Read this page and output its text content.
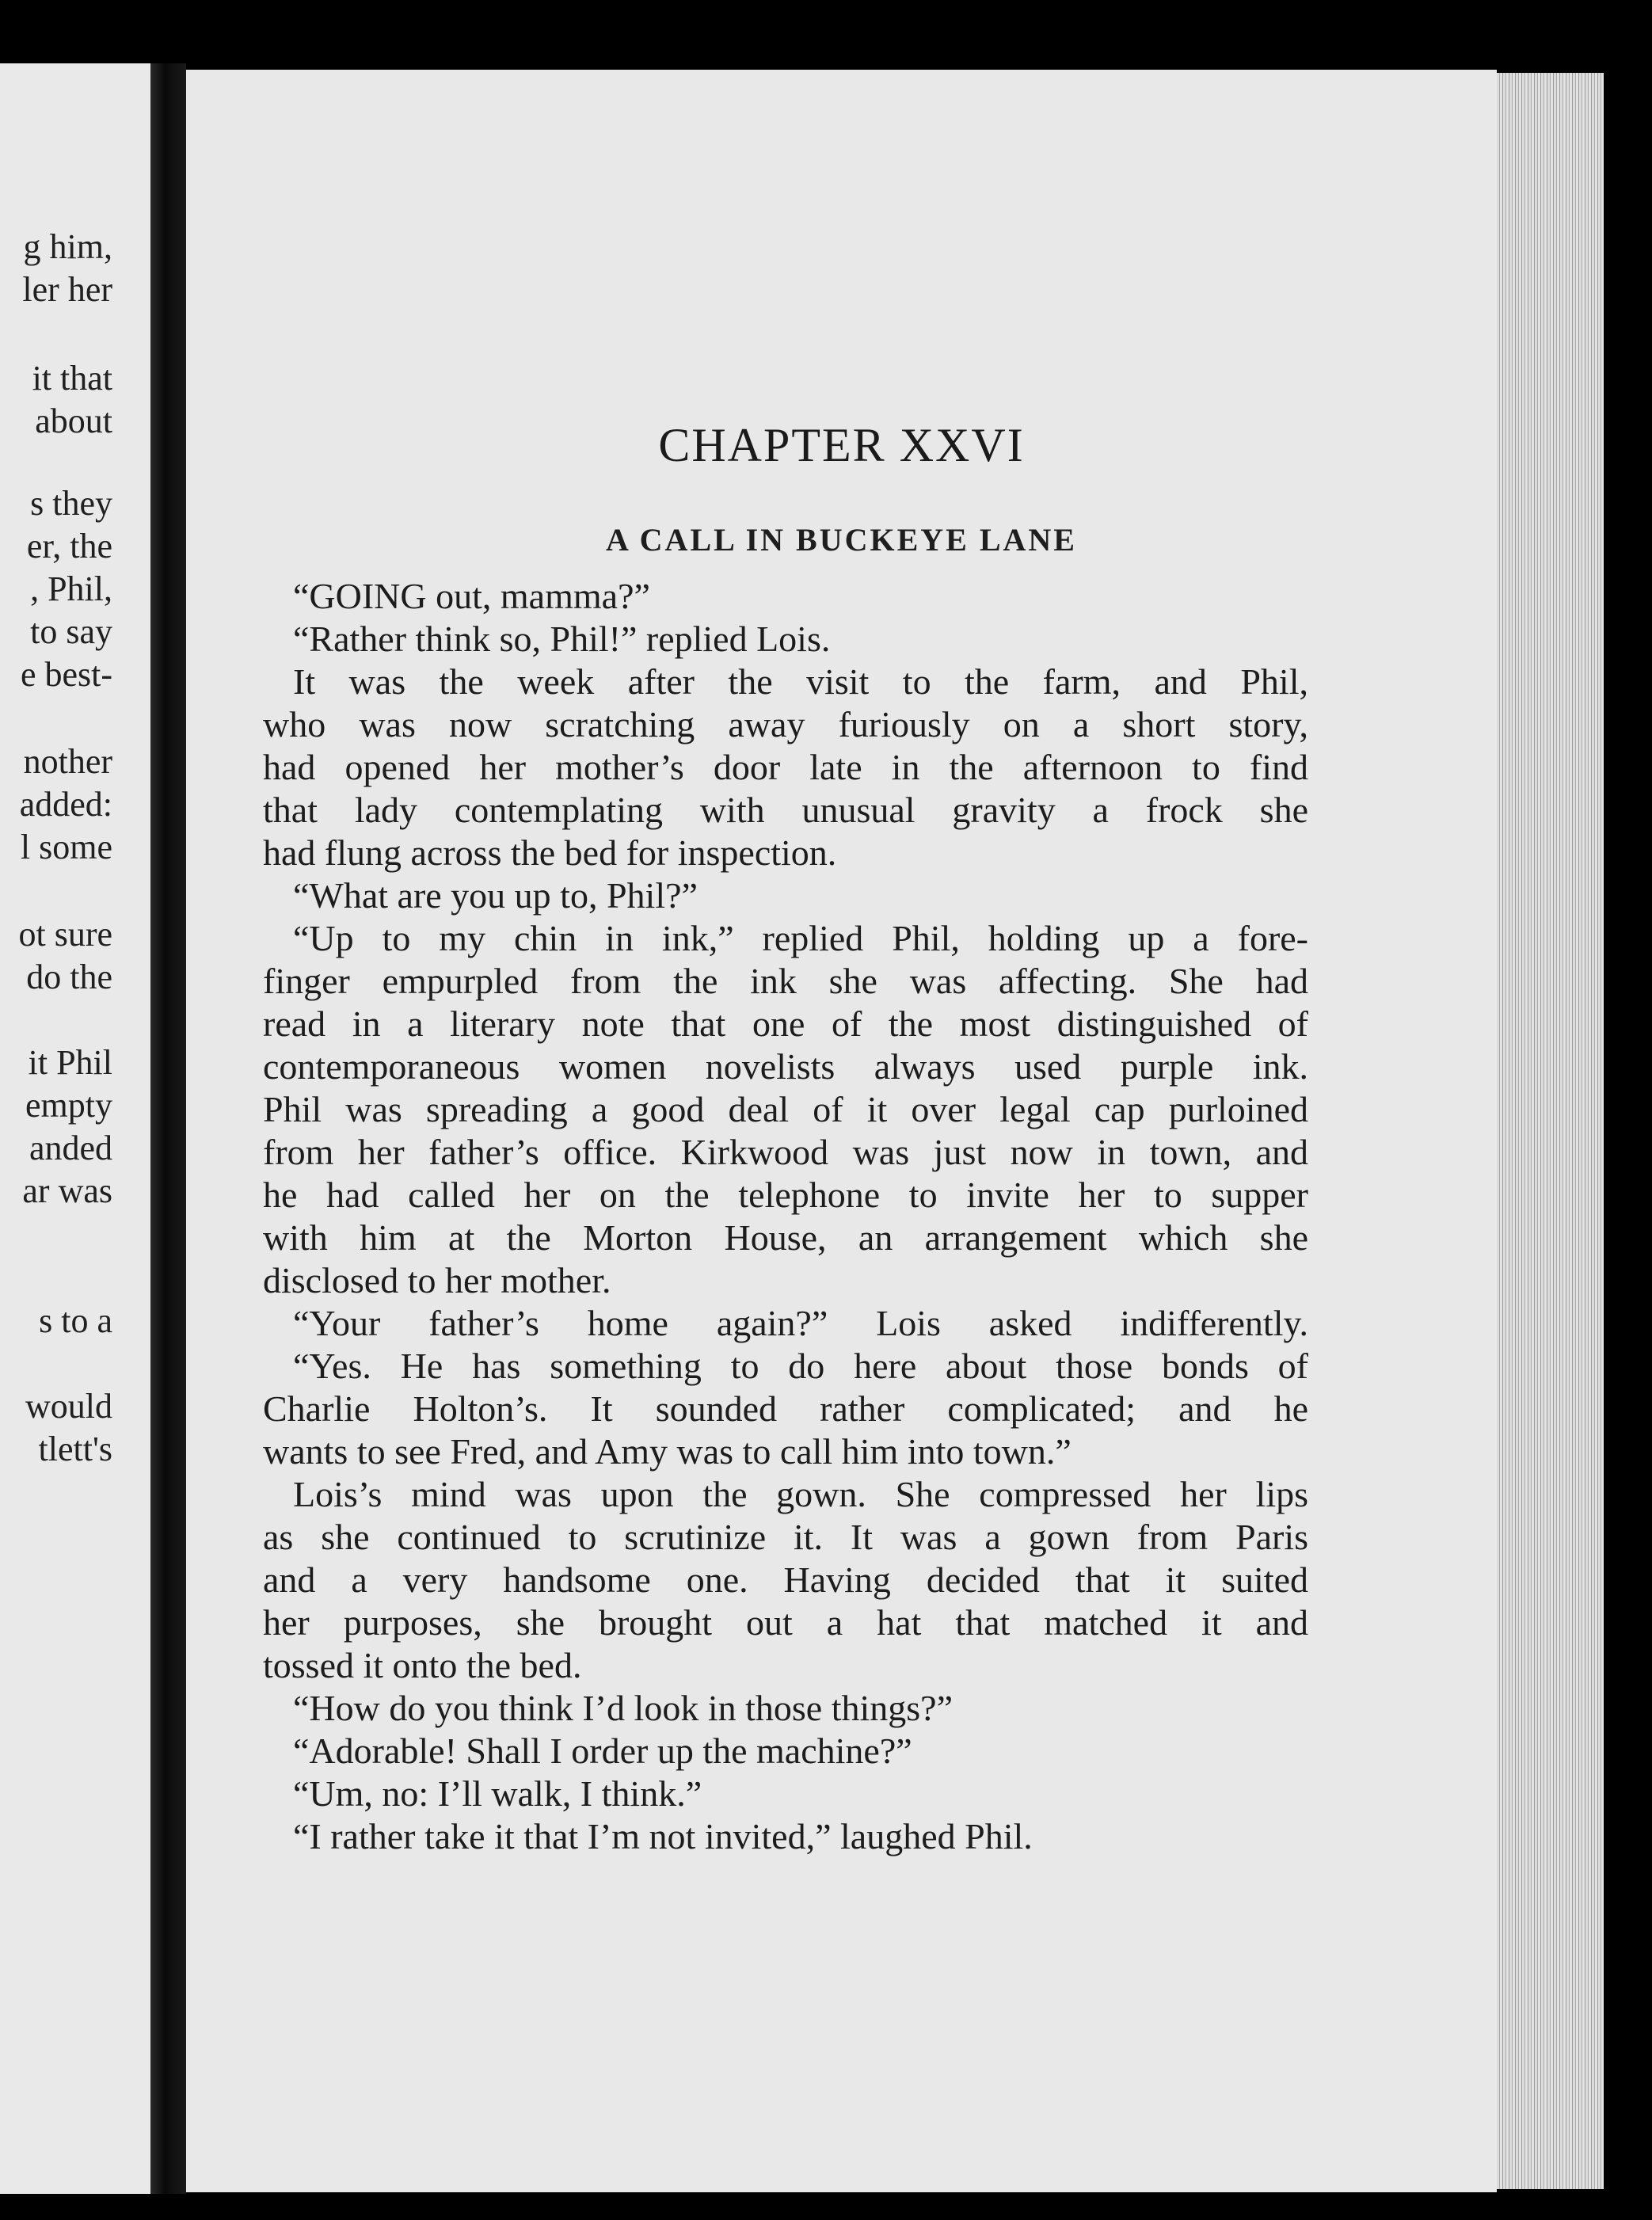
g him,
ler her
it that
about
s they
er, the
, Phil,
to say
e best-
nother
added:
l some
ot sure
do the
it Phil
empty
anded
ar was
s to a
would
tlett's
CHAPTER XXVI
A CALL IN BUCKEYE LANE
“GOING out, mamma?”
“Rather think so, Phil!” replied Lois.
It was the week after the visit to the farm, and Phil,
who was now scratching away furiously on a short story,
had opened her mother’s door late in the afternoon to find
that lady contemplating with unusual gravity a frock she
had flung across the bed for inspection.
“What are you up to, Phil?”
“Up to my chin in ink,” replied Phil, holding up a fore-
finger empurpled from the ink she was affecting. She had
read in a literary note that one of the most distinguished of
contemporaneous women novelists always used purple ink.
Phil was spreading a good deal of it over legal cap purloined
from her father’s office. Kirkwood was just now in town, and
he had called her on the telephone to invite her to supper
with him at the Morton House, an arrangement which she
disclosed to her mother.
“Your father’s home again?” Lois asked indifferently.
“Yes. He has something to do here about those bonds of
Charlie Holton’s. It sounded rather complicated; and he
wants to see Fred, and Amy was to call him into town.”
Lois’s mind was upon the gown. She compressed her lips
as she continued to scrutinize it. It was a gown from Paris
and a very handsome one. Having decided that it suited
her purposes, she brought out a hat that matched it and
tossed it onto the bed.
“How do you think I’d look in those things?”
“Adorable! Shall I order up the machine?”
“Um, no: I’ll walk, I think.”
“I rather take it that I’m not invited,” laughed Phil.
